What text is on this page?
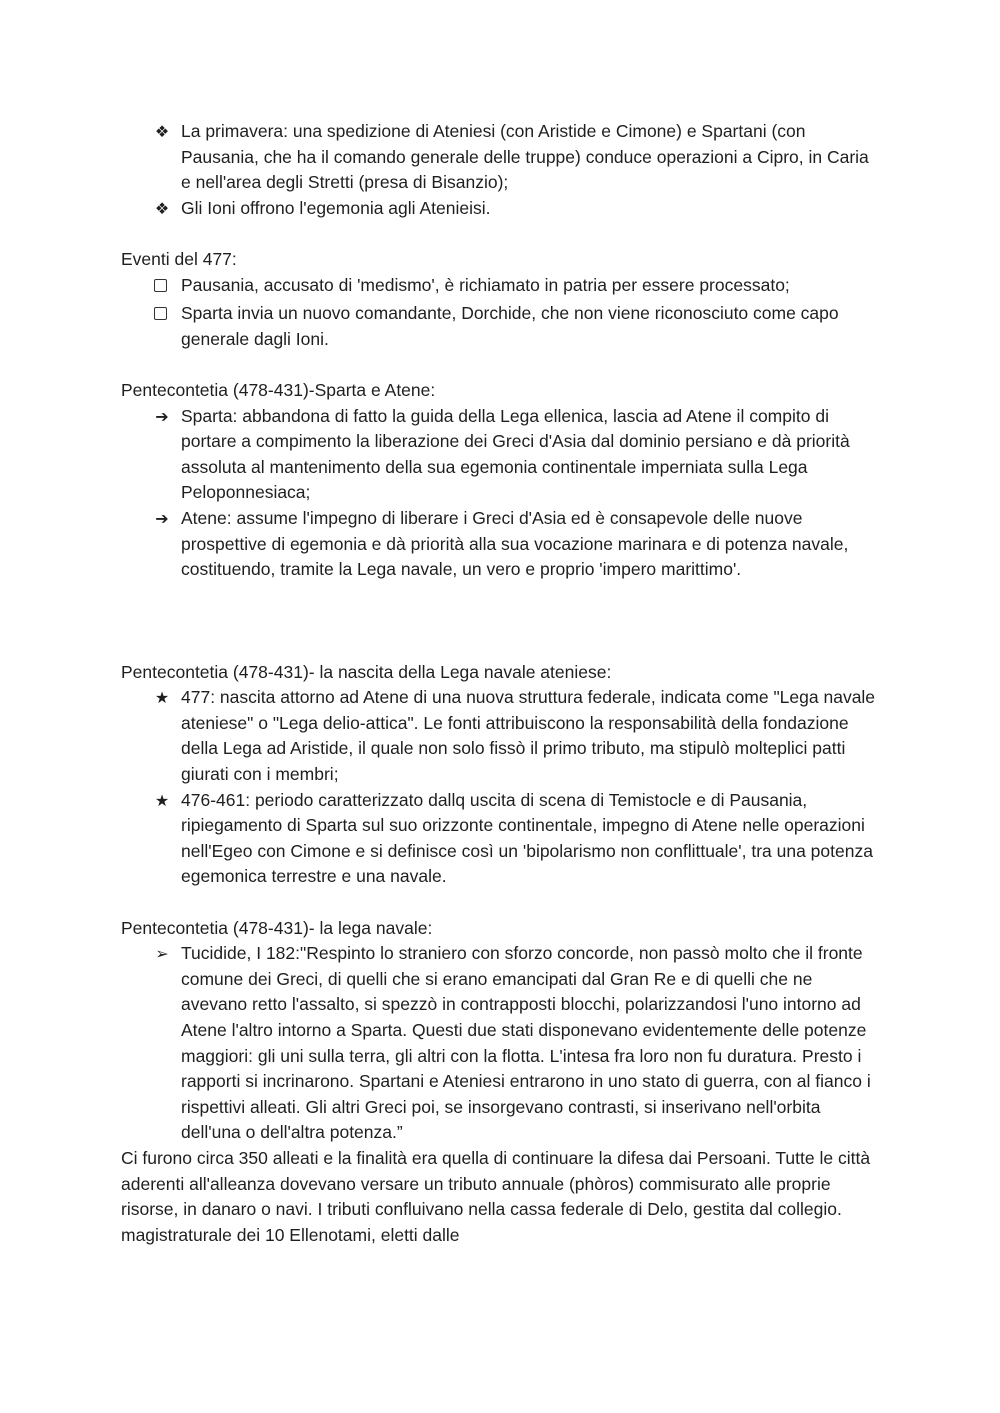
❖ La primavera: una spedizione di Ateniesi (con Aristide e Cimone) e Spartani (con Pausania, che ha il comando generale delle truppe) conduce operazioni a Cipro, in Caria e nell'area degli Stretti (presa di Bisanzio);
❖ Gli Ioni offrono l'egemonia agli Atenieisi.

Eventi del 477:

Pausania, accusato di 'medismo', è richiamato in patria per essere processato;
Sparta invia un nuovo comandante, Dorchide, che non viene riconosciuto come capo generale dagli Ioni.

Pentecontetia (478-431)-Sparta e Atene:

➔ Sparta: abbandona di fatto la guida della Lega ellenica, lascia ad Atene il compito di portare a compimento la liberazione dei Greci d'Asia dal dominio persiano e dà priorità assoluta al mantenimento della sua egemonia continentale imperniata sulla Lega Peloponnesiaca;
➔ Atene: assume l'impegno di liberare i Greci d'Asia ed è consapevole delle nuove prospettive di egemonia e dà priorità alla sua vocazione marinara e di potenza navale, costituendo, tramite la Lega navale, un vero e proprio 'impero marittimo'.

Pentecontetia (478-431)- la nascita della Lega navale ateniese:

★ 477: nascita attorno ad Atene di una nuova struttura federale, indicata come "Lega navale ateniese" o "Lega delio-attica". Le fonti attribuiscono la responsabilità della fondazione della Lega ad Aristide, il quale non solo fissò il primo tributo, ma stipulò molteplici patti giurati con i membri;
★ 476-461: periodo caratterizzato dallq uscita di scena di Temistocle e di Pausania, ripiegamento di Sparta sul suo orizzonte continentale, impegno di Atene nelle operazioni nell'Egeo con Cimone e si definisce così un 'bipolarismo non conflittuale', tra una potenza egemonica terrestre e una navale.

Pentecontetia (478-431)- la lega navale:

➢ Tucidide, I 182:"Respinto lo straniero con sforzo concorde, non passò molto che il fronte comune dei Greci, di quelli che si erano emancipati dal Gran Re e di quelli che ne avevano retto l'assalto, si spezzò in contrapposti blocchi, polarizzandosi l'uno intorno ad Atene l'altro intorno a Sparta. Questi due stati disponevano evidentemente delle potenze maggiori: gli uni sulla terra, gli altri con la flotta. L'intesa fra loro non fu duratura. Presto i rapporti si incrinarono. Spartani e Ateniesi entrarono in uno stato di guerra, con al fianco i rispettivi alleati. Gli altri Greci poi, se insorgevano contrasti, si inserivano nell'orbita dell'una o dell'altra potenza.”

Ci furono circa 350 alleati e la finalità era quella di continuare la difesa dai Persoani. Tutte le città aderenti all'alleanza dovevano versare un tributo annuale (phòros) commisurato alle proprie risorse, in danaro o navi. I tributi confluivano nella cassa federale di Delo, gestita dal collegio. magistraturale dei 10 Ellenotami, eletti dalle
